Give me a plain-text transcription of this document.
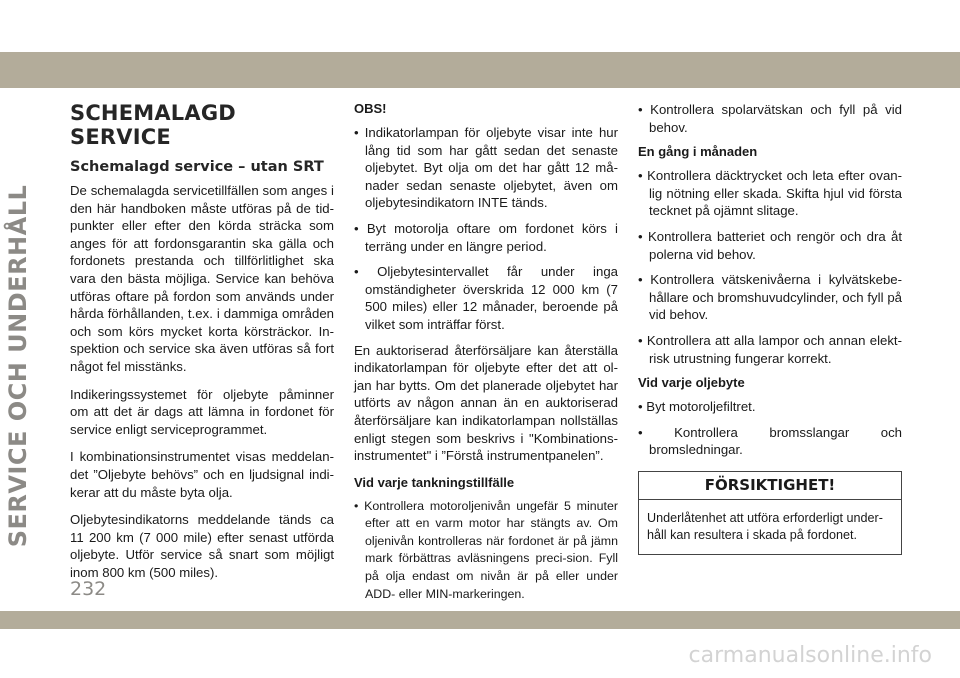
SERVICE OCH UNDERHÅLL
SCHEMALAGD SERVICE
Schemalagd service – utan SRT

De schemalagda servicetillfällen som anges i den här handboken måste utföras på de tid-punkter eller efter den körda sträcka som anges för att fordonsgarantin ska gälla och fordonets prestanda och tillförlitlighet ska vara den bästa möjliga. Service kan behöva utföras oftare på fordon som används under hårda förhållanden, t.ex. i dammiga områden och som körs mycket korta körsträckor. In-spektion och service ska även utföras så fort något fel misstänks.

Indikeringssystemet för oljebyte påminner om att det är dags att lämna in fordonet för service enligt serviceprogrammet.

I kombinationsinstrumentet visas meddelan-det ”Oljebyte behövs” och en ljudsignal indi-kerar att du måste byta olja.

Oljebytesindikatorns meddelande tänds ca 11 200 km (7 000 mile) efter senast utförda oljebyte. Utför service så snart som möjligt inom 800 km (500 miles).

OBS!
• Indikatorlampan för oljebyte visar inte hur lång tid som har gått sedan det senaste oljebytet. Byt olja om det har gått 12 må-nader sedan senaste oljebytet, även om oljebytesindikatorn INTE tänds.
• Byt motorolja oftare om fordonet körs i terräng under en längre period.
• Oljebytesintervallet får under inga omständigheter överskrida 12 000 km (7 500 miles) eller 12 månader, beroende på vilket som inträffar först.

En auktoriserad återförsäljare kan återställa indikatorlampan för oljebyte efter det att ol-jan har bytts. Om det planerade oljebytet har utförts av någon annan än en auktoriserad återförsäljare kan indikatorlampan nollställas enligt stegen som beskrivs i "Kombinations-instrumentet" i ”Förstå instrumentpanelen”.

Vid varje tankningstillfälle
• Kontrollera motoroljenivån ungefär 5 minuter efter att en varm motor har stängts av. Om oljenivån kontrolleras när fordonet är på jämn mark förbättras avläsningens preci-sion. Fyll på olja endast om nivån är på eller under ADD- eller MIN-markeringen.
• Kontrollera spolarvätskan och fyll på vid behov.
En gång i månaden
• Kontrollera däcktrycket och leta efter ovan-lig nötning eller skada. Skifta hjul vid första tecknet på ojämnt slitage.
• Kontrollera batteriet och rengör och dra åt polerna vid behov.
• Kontrollera vätskenivåerna i kylvätskebe-hållare och bromshuvudcylinder, och fyll på vid behov.
• Kontrollera att alla lampor och annan elekt-risk utrustning fungerar korrekt.
Vid varje oljebyte
• Byt motoroljefiltret.
• Kontrollera bromsslangar och bromsledningar.
FÖRSIKTIGHET!
Underlåtenhet att utföra erforderligt under-håll kan resultera i skada på fordonet.
232
carmanualsonline.info
